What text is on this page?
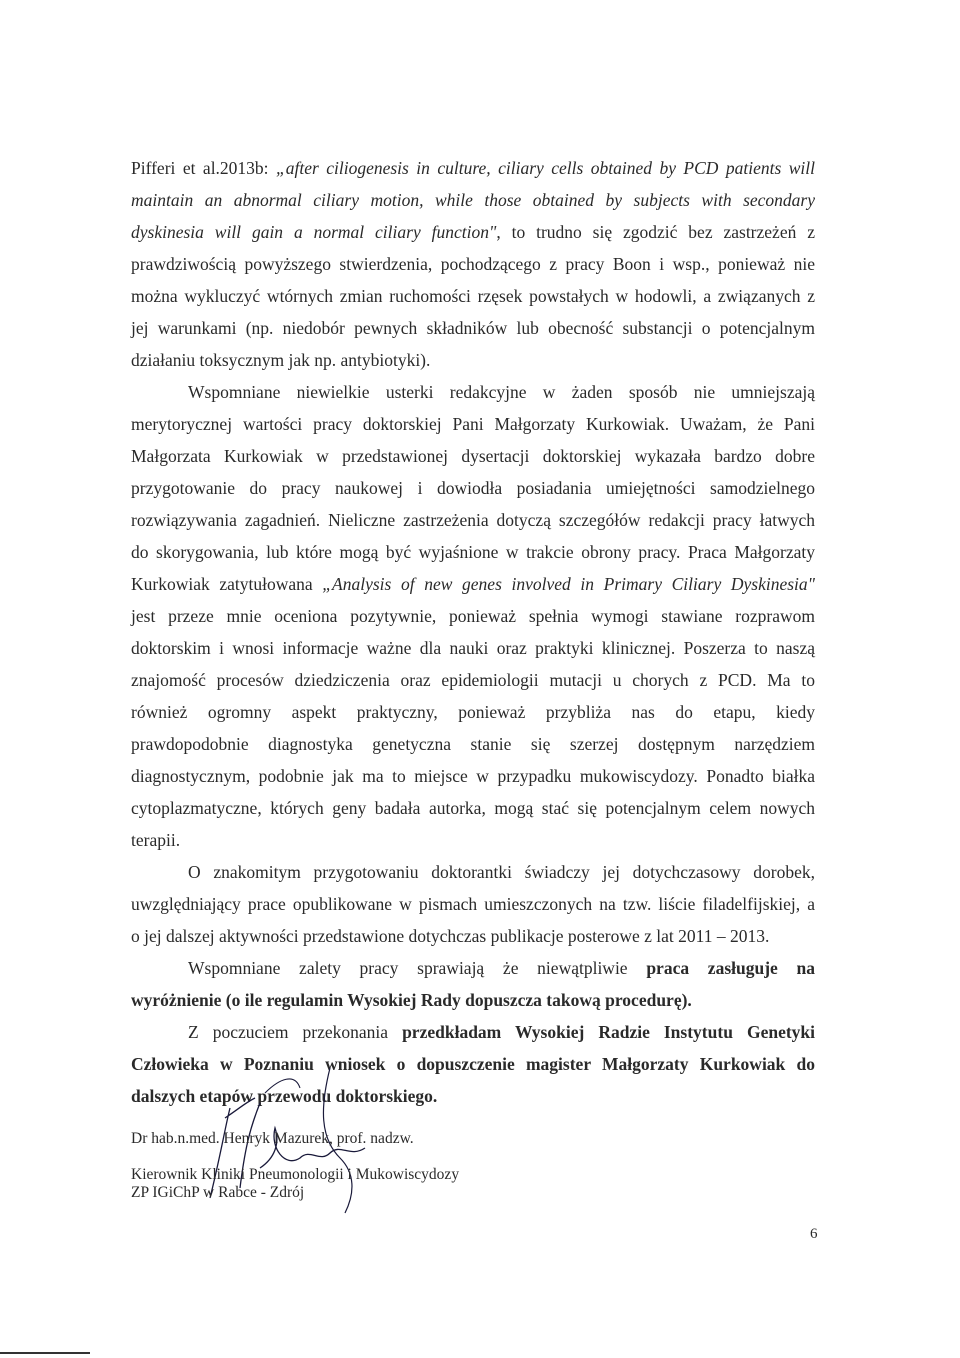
Pifferi et al.2013b: „after ciliogenesis in culture, ciliary cells obtained by PCD patients will
maintain an abnormal ciliary motion, while those obtained by subjects with secondary
dyskinesia will gain a normal ciliary function", to trudno się zgodzić bez zastrzeżeń z
prawdziwością powyższego stwierdzenia, pochodzącego z pracy Boon i wsp., ponieważ nie
można wykluczyć wtórnych zmian ruchomości rzęsek powstałych w hodowli, a związanych z
jej warunkami (np. niedobór pewnych składników lub obecność substancji o potencjalnym
działaniu toksycznym jak np. antybiotyki).
Wspomniane niewielkie usterki redakcyjne w żaden sposób nie umniejszają
merytorycznej wartości pracy doktorskiej Pani Małgorzaty Kurkowiak. Uważam, że Pani
Małgorzata Kurkowiak w przedstawionej dysertacji doktorskiej wykazała bardzo dobre
przygotowanie do pracy naukowej i dowiodła posiadania umiejętności samodzielnego
rozwiązywania zagadnień. Nieliczne zastrzeżenia dotyczą szczegółów redakcji pracy łatwych
do skorygowania, lub które mogą być wyjaśnione w trakcie obrony pracy. Praca Małgorzaty
Kurkowiak zatytułowana „Analysis of new genes involved in Primary Ciliary Dyskinesia"
jest przeze mnie oceniona pozytywnie, ponieważ spełnia wymogi stawiane rozprawom
doktorskim i wnosi informacje ważne dla nauki oraz praktyki klinicznej. Poszerza to naszą
znajomość procesów dziedziczenia oraz epidemiologii mutacji u chorych z PCD. Ma to
również ogromny aspekt praktyczny, ponieważ przybliża nas do etapu, kiedy
prawdopodobnie diagnostyka genetyczna stanie się szerzej dostępnym narzędziem
diagnostycznym, podobnie jak ma to miejsce w przypadku mukowiscydozy. Ponadto białka
cytoplazmatyczne, których geny badała autorka, mogą stać się potencjalnym celem nowych
terapii.
O znakomitym przygotowaniu doktorantki świadczy jej dotychczasowy dorobek,
uwzględniający prace opublikowane w pismach umieszczonych na tzw. liście filadelfijskiej, a
o jej dalszej aktywności przedstawione dotychczas publikacje posterowe z lat 2011 – 2013.
Wspomniane zalety pracy sprawiają że niewątpliwie praca zasługuje na
wyróżnienie (o ile regulamin Wysokiej Rady dopuszcza takową procedurę).
Z poczuciem przekonania przedkładam Wysokiej Radzie Instytutu Genetyki
Człowieka w Poznaniu wniosek o dopuszczenie magister Małgorzaty Kurkowiak do
dalszych etapów przewodu doktorskiego.
Dr hab.n.med. Henryk Mazurek, prof. nadzw.
Kierownik Kliniki Pneumonologii i Mukowiscydozy
ZP IGiChP w Rabce - Zdrój
6
